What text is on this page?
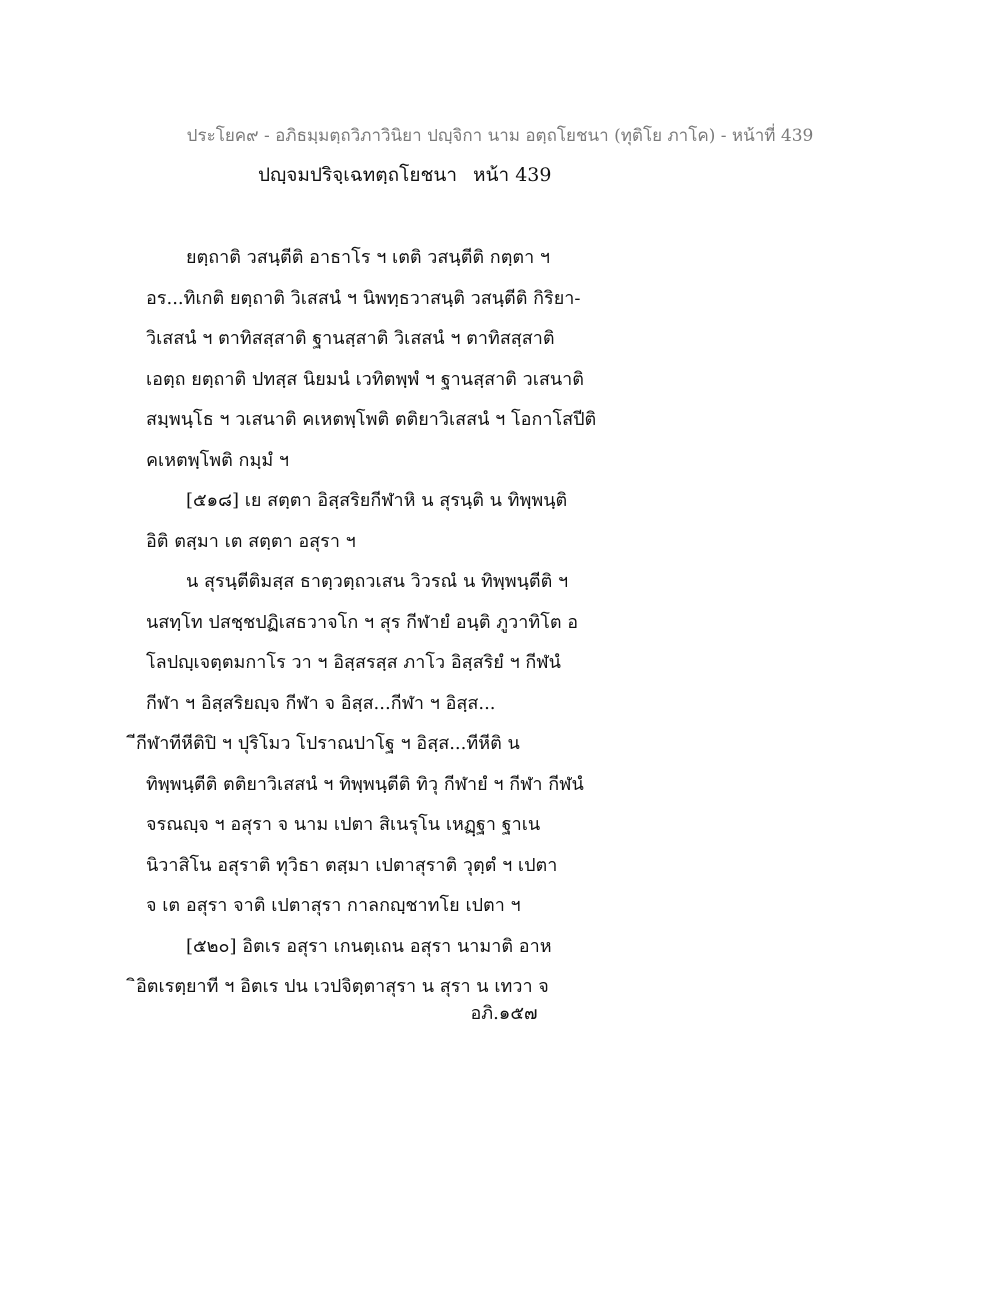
ประโยค๙ - อภิธมฺมตฺถวิภาวินิยา ปญฺจิกา นาม อตฺถโยชนา (ทุติโย ภาโค) - หน้าที่ 439
ปญฺจมปริจฺเฉทตฺถโยชนา หน้า 439
ยตฺถาติ วสนฺตีติ อาธาโร ฯ เตติ วสนฺตีติ กตฺตา ฯ
อร...ทิเกติ ยตฺถาติ วิเสสนํ ฯ นิพทฺธวาสนฺติ วสนฺตีติ กิริยา-
วิเสสนํ ฯ ตาทิสสฺสาติ ฐานสฺสาติ วิเสสนํ ฯ ตาทิสสฺสาติ
เอตฺถ ยตฺถาติ ปทสฺส นิยมนํ เวทิตพฺพํ ฯ ฐานสฺสาติ วเสนาติ
สมฺพนฺโธ ฯ วเสนาติ คเหตพฺโพติ ตติยาวิเสสนํ ฯ โอกาโสปีติ
คเหตพฺโพติ กมฺมํ ฯ
[๕๑๘] เย สตฺตา อิสฺสริยกีฬาหิ น สุรนฺติ น ทิพฺพนฺติ
อิติ ตสฺมา เต สตฺตา อสุรา ฯ
น สุรนฺตีติมสฺส ธาตฺวตฺถวเสน วิวรณํ น ทิพฺพนฺตีติ ฯ
นสทฺโท ปสชฺชปฏิเสธวาจโก ฯ สุร กีฬายํ อนฺติ ภูวาทิโต อ
โลปญฺเจตฺตมกาโร วา ฯ อิสฺสรสฺส ภาโว อิสฺสริยํ ฯ กีฬนํ
กีฬา ฯ อิสฺสริยญฺจ กีฬา จ อิสฺส...กีฬา ฯ อิสฺส...
ีกีฬาทีหีติปิ ฯ ปุริโมว โปราณปาโฐ ฯ อิสฺส...ทีหีติ น
ทิพฺพนฺตีติ ตติยาวิเสสนํ ฯ ทิพฺพนฺตีติ ทิวุ กีฬายํ ฯ กีฬา กีฬนํ
จรณญฺจ ฯ อสุรา จ นาม เปตา สิเนรุโน เหฏฺฐา ฐาเน
นิวาสิโน อสุราติ ทุวิธา ตสฺมา เปตาสุราติ วุตฺตํ ฯ เปตา
จ เต อสุรา จาติ เปตาสุรา กาลกญฺชาทโย เปตา ฯ
[๕๒๐] อิตเร อสุรา เกนตฺเถน อสุรา นามาติ อาห
ิอิตเรตฺยาที ฯ อิตเร ปน เวปจิตฺตาสุรา น สุรา น เทวา จ
อภิ.๑๕๗
